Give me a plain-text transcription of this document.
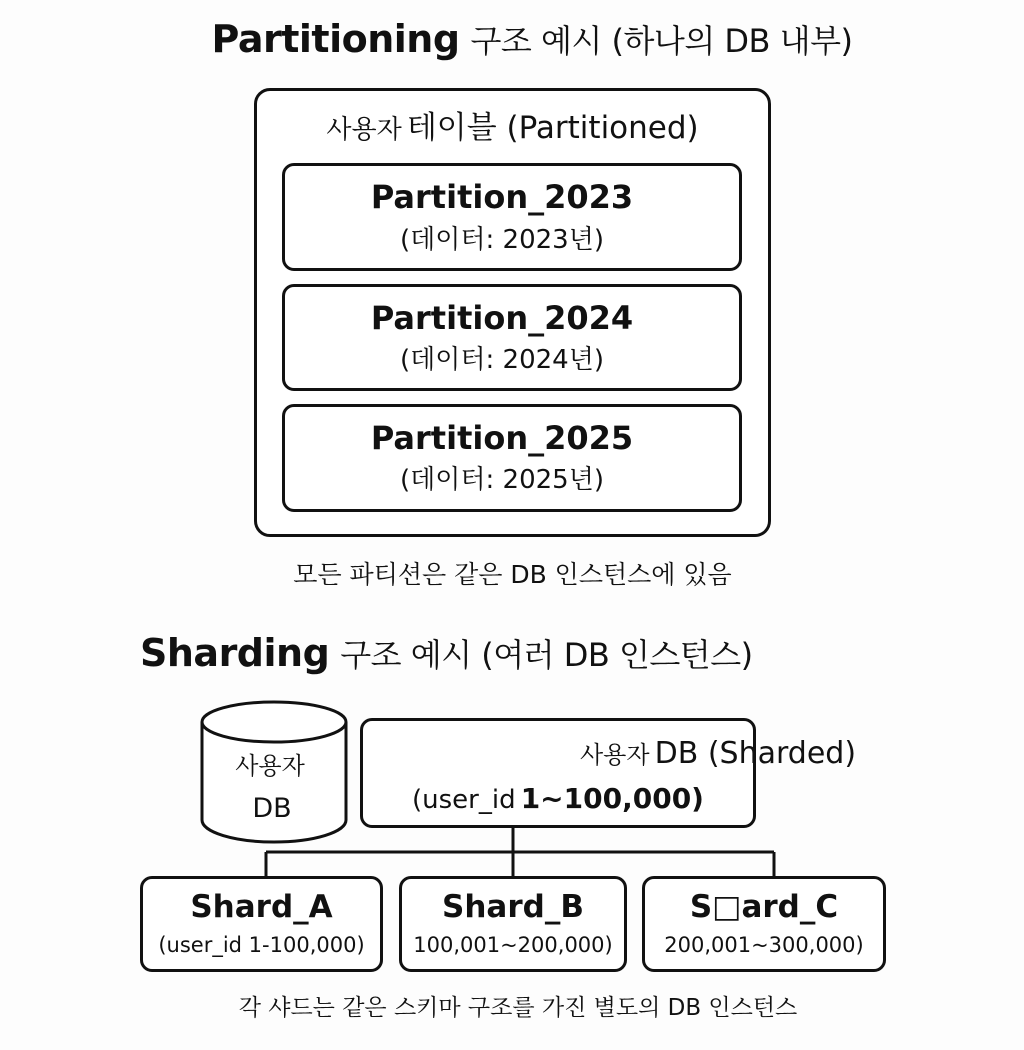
Partitioning 구조 예시 (하나의 DB 내부)
사용자 테이블 (Partitioned)
Partition_2023
(데이터: 2023년)
Partition_2024
(데이터: 2024년)
Partition_2025
(데이터: 2025년)
모든 파티션은 같은 DB 인스턴스에 있음
Sharding 구조 예시 (여러 DB 인스턴스)
사용자
DB
사용자 DB (Sharded)
(user_id 1~100,000)
Shard_A
(user_id 1-100,000)
Shard_B
100,001~200,000)
S□ard_C
200,001~300,000)
각 샤드는 같은 스키마 구조를 가진 별도의 DB 인스턴스
